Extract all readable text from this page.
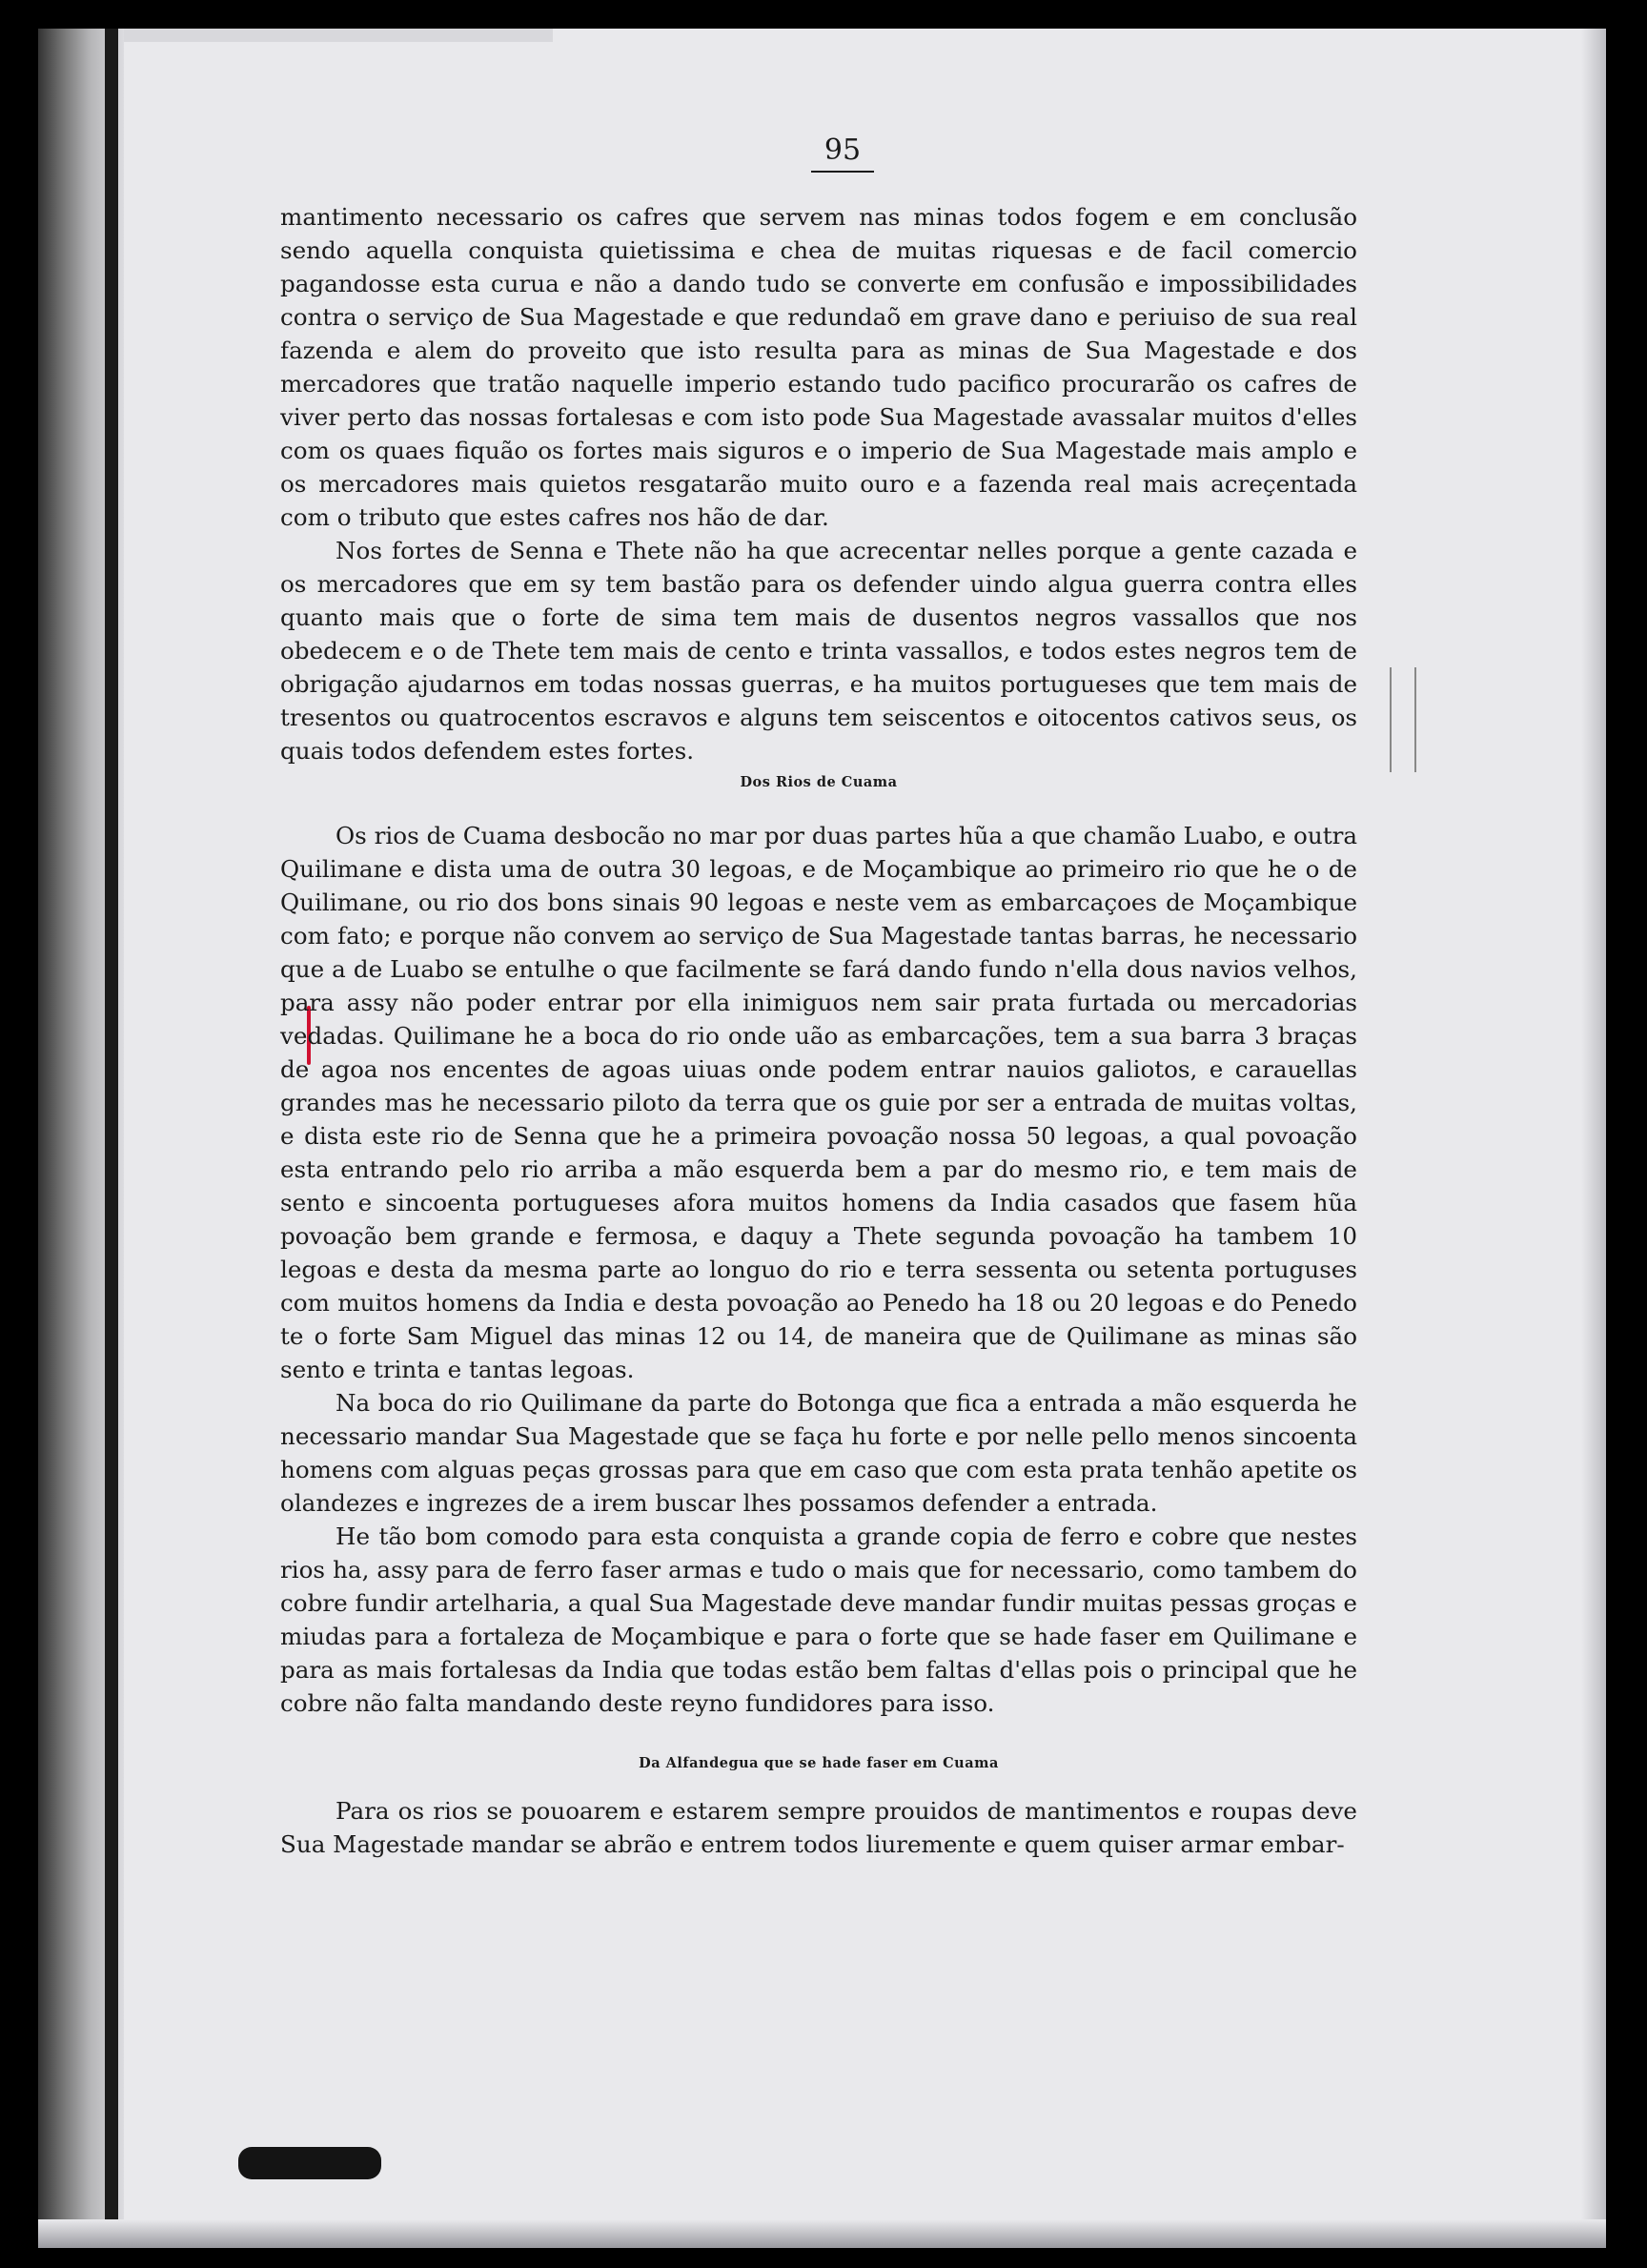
95

mantimento necessario os cafres que servem nas minas todos fogem e em conclusão sendo aquella conquista quietissima e chea de muitas riquesas e de facil comercio pagandosse esta curua e não a dando tudo se converte em confusão e impossibilidades contra o serviço de Sua Magestade e que redundaõ em grave dano e periuiso de sua real fazenda e alem do proveito que isto resulta para as minas de Sua Magestade e dos mercadores que tratão naquelle imperio estando tudo pacifico procurarão os cafres de viver perto das nossas fortalesas e com isto pode Sua Magestade avassalar muitos d'elles com os quaes fiquão os fortes mais siguros e o imperio de Sua Magestade mais amplo e os mercadores mais quietos resgatarão muito ouro e a fazenda real mais acreçentada com o tributo que estes cafres nos hão de dar.

Nos fortes de Senna e Thete não ha que acrecentar nelles porque a gente cazada e os mercadores que em sy tem bastão para os defender uindo algua guerra contra elles quanto mais que o forte de sima tem mais de dusentos negros vassallos que nos obedecem e o de Thete tem mais de cento e trinta vassallos, e todos estes negros tem de obrigação ajudarnos em todas nossas guerras, e ha muitos portugueses que tem mais de tresentos ou quatrocentos escravos e alguns tem seiscentos e oitocentos cativos seus, os quais todos defendem estes fortes.

Dos Rios de Cuama

Os rios de Cuama desbocão no mar por duas partes hũa a que chamão Luabo, e outra Quilimane e dista uma de outra 30 legoas, e de Moçambique ao primeiro rio que he o de Quilimane, ou rio dos bons sinais 90 legoas e neste vem as embarcaçoes de Moçambique com fato; e porque não convem ao serviço de Sua Magestade tantas barras, he necessario que a de Luabo se entulhe o que facilmente se fará dando fundo n'ella dous navios velhos, para assy não poder entrar por ella inimiguos nem sair prata furtada ou mercadorias vedadas. Quilimane he a boca do rio onde uão as embarcações, tem a sua barra 3 braças de agoa nos encentes de agoas uiuas onde podem entrar nauios galiotos, e carauellas grandes mas he necessario piloto da terra que os guie por ser a entrada de muitas voltas, e dista este rio de Senna que he a primeira povoação nossa 50 legoas, a qual povoação esta entrando pelo rio arriba a mão esquerda bem a par do mesmo rio, e tem mais de sento e sincoenta portugueses afora muitos homens da India casados que fasem hũa povoação bem grande e fermosa, e daquy a Thete segunda povoação ha tambem 10 legoas e desta da mesma parte ao longuo do rio e terra sessenta ou setenta portuguses com muitos homens da India e desta povoação ao Penedo ha 18 ou 20 legoas e do Penedo te o forte Sam Miguel das minas 12 ou 14, de maneira que de Quilimane as minas são sento e trinta e tantas legoas.

Na boca do rio Quilimane da parte do Botonga que fica a entrada a mão esquerda he necessario mandar Sua Magestade que se faça hu forte e por nelle pello menos sincoenta homens com alguas peças grossas para que em caso que com esta prata tenhão apetite os olandezes e ingrezes de a irem buscar lhes possamos defender a entrada.

He tão bom comodo para esta conquista a grande copia de ferro e cobre que nestes rios ha, assy para de ferro faser armas e tudo o mais que for necessario, como tambem do cobre fundir artelharia, a qual Sua Magestade deve mandar fundir muitas pessas groças e miudas para a fortaleza de Moçambique e para o forte que se hade faser em Quilimane e para as mais fortalesas da India que todas estão bem faltas d'ellas pois o principal que he cobre não falta mandando deste reyno fundidores para isso.

Da Alfandegua que se hade faser em Cuama

Para os rios se pouoarem e estarem sempre prouidos de mantimentos e roupas deve Sua Magestade mandar se abrão e entrem todos liuremente e quem quiser armar embar-
